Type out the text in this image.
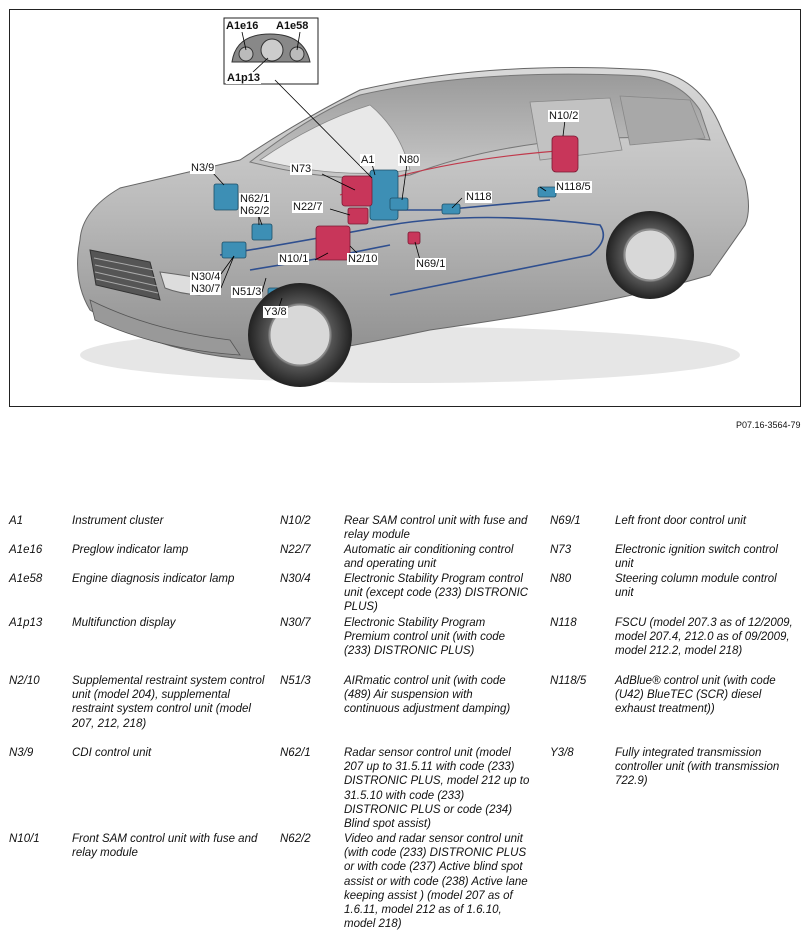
A1e16 A1e58
A1p13
N10/2
N3/9	N73
A1 N80
N118
N118/5
N62/1
N62/2 N22/7
N10/1	N2/10	N69/1
N30/4
N30/7 N51/3
Y3/8
P07.16-3564-79
A1	Instrument cluster
A1e16	Preglow indicator lamp
A1e58	Engine diagnosis indicator lamp
A1p13	Multifunction display
N2/10	Supplemental restraint system control unit (model 204), supplemental restraint system control unit (model 207, 212, 218)
N3/9	CDI control unit
N10/1	Front SAM control unit with fuse and relay module
N10/2	Rear SAM control unit with fuse and relay module
N22/7	Automatic air conditioning control and operating unit
N30/4	Electronic Stability Program control unit (except code (233) DISTRONIC PLUS)
N30/7	Electronic Stability Program Premium control unit (with code (233) DISTRONIC PLUS)
N51/3	AIRmatic control unit (with code (489) Air suspension with continuous adjustment damping)
N62/1	Radar sensor control unit (model 207 up to 31.5.11 with code (233) DISTRONIC PLUS, model 212 up to 31.5.10 with code (233) DISTRONIC PLUS or code (234) Blind spot assist)
N62/2	Video and radar sensor control unit (with code (233) DISTRONIC PLUS or with code (237) Active blind spot assist or with code (238) Active lane keeping assist ) (model 207 as of 1.6.11, model 212 as of 1.6.10, model 218)
N69/1	Left front door control unit
N73	Electronic ignition switch control unit
N80	Steering column module control unit
N118	FSCU (model 207.3 as of 12/2009, model 207.4, 212.0 as of 09/2009, model 212.2, model 218)
N118/5	AdBlue® control unit (with code (U42) BlueTEC (SCR) diesel exhaust treatment))
Y3/8	Fully integrated transmission controller unit (with transmission 722.9)
